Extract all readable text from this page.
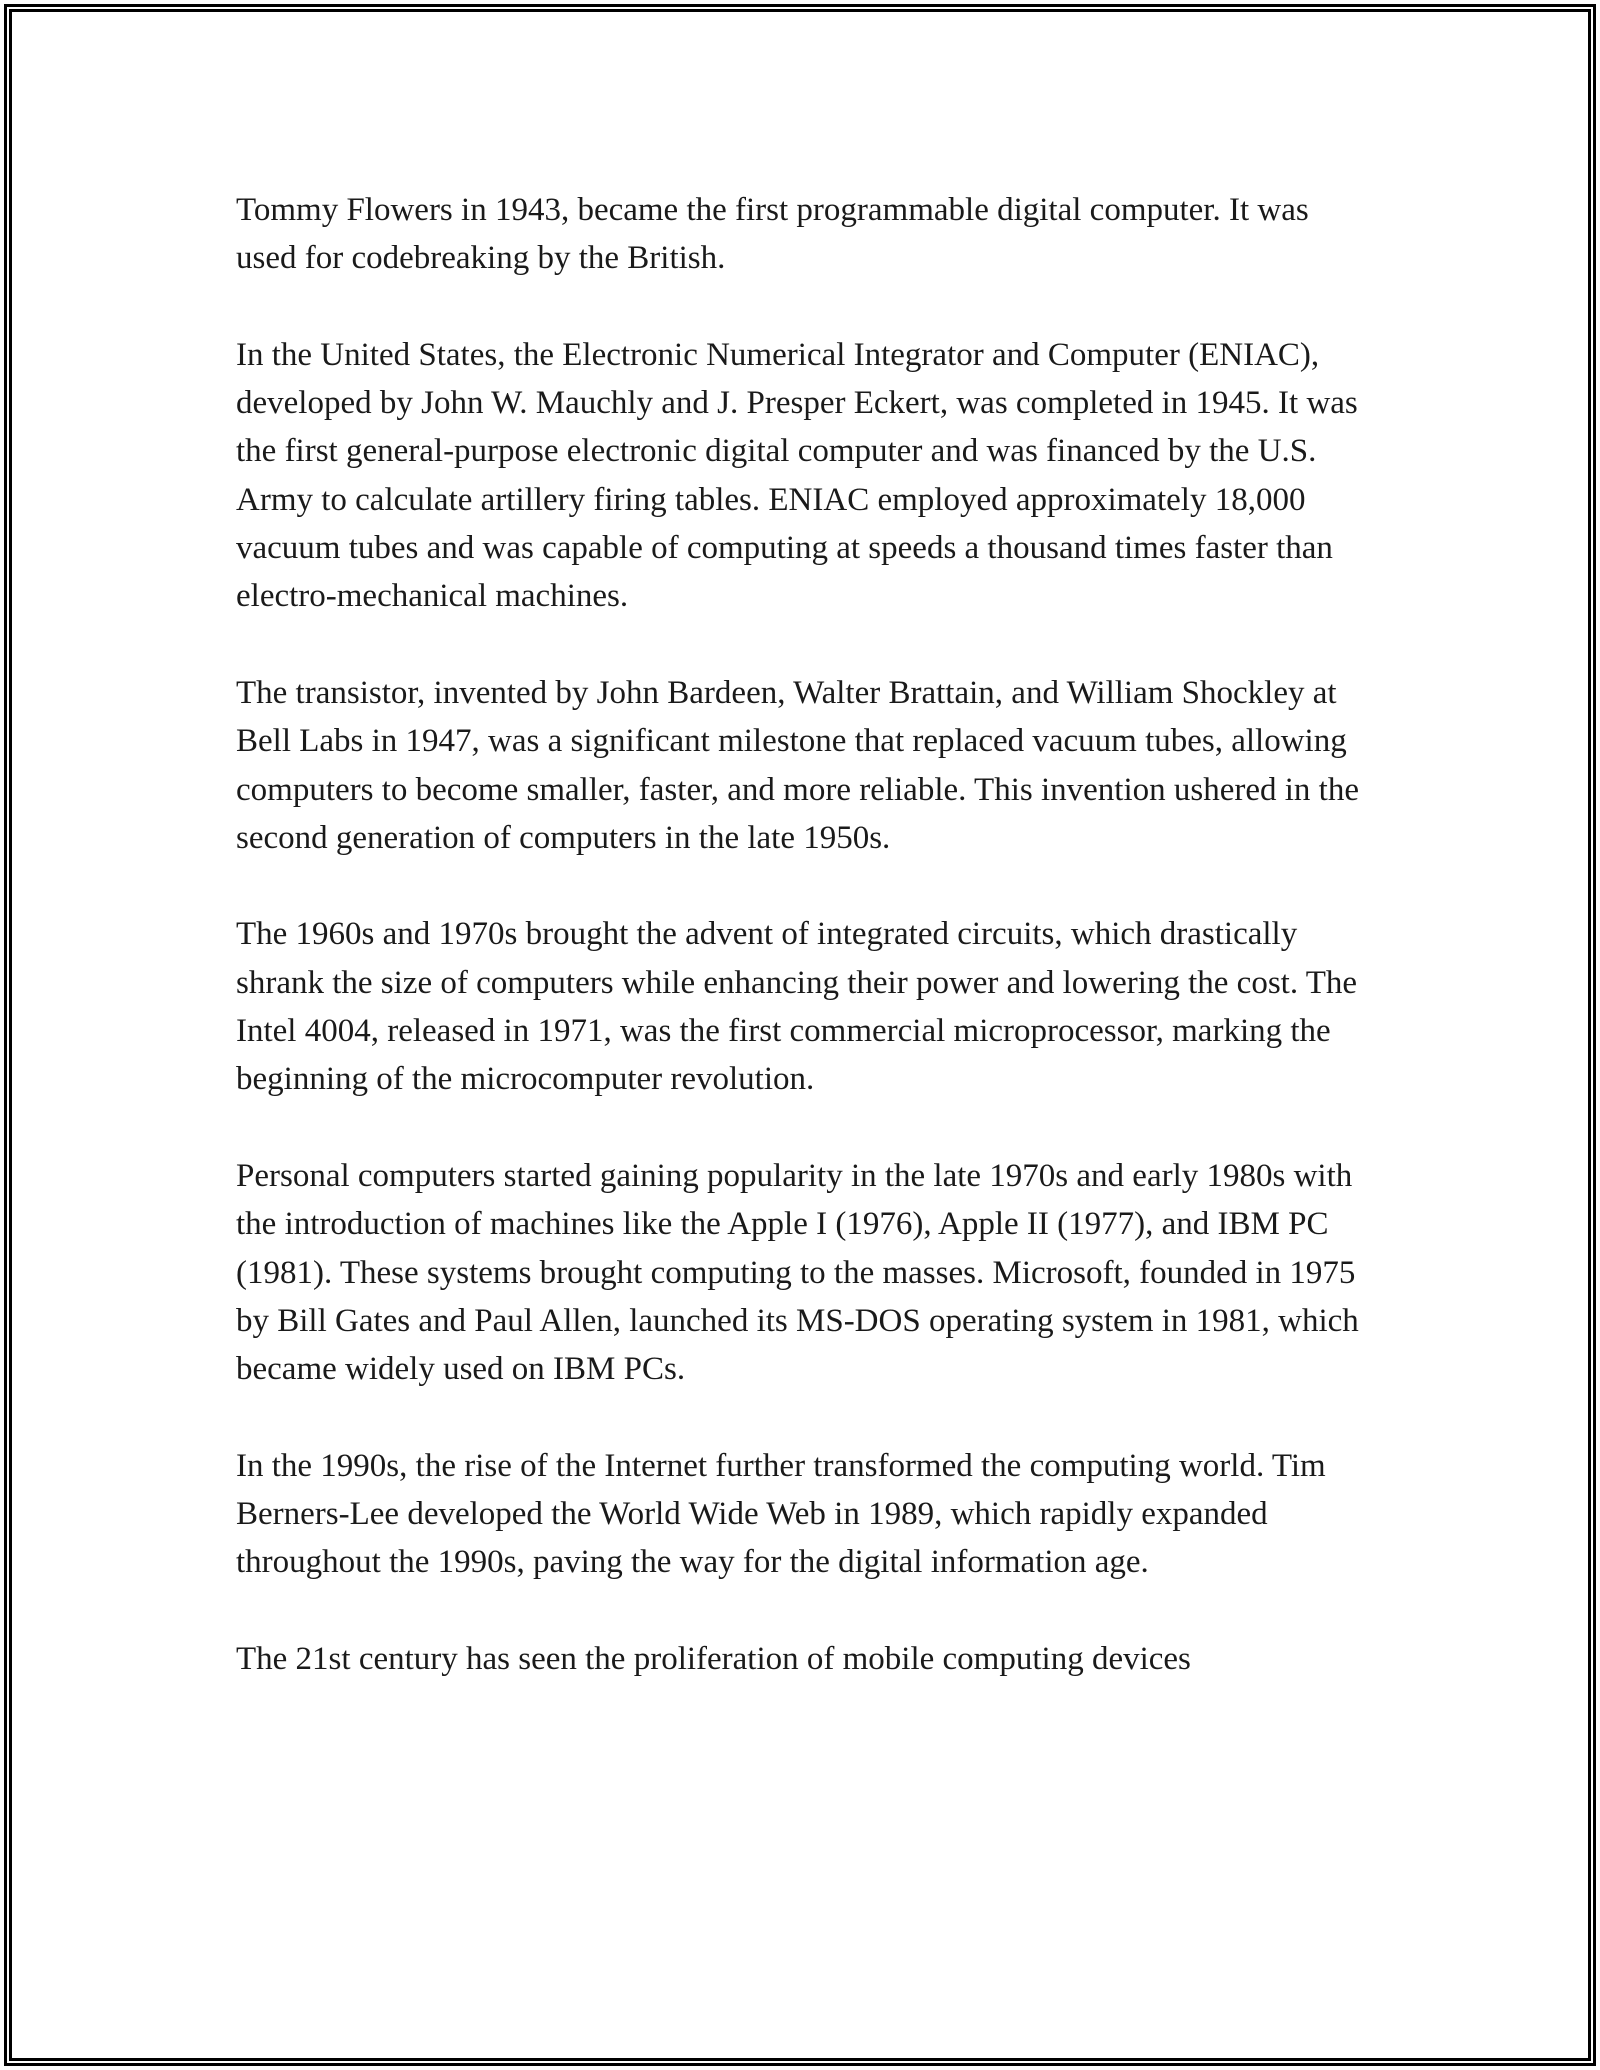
Tommy Flowers in 1943, became the first programmable digital computer. It was used for codebreaking by the British.

In the United States, the Electronic Numerical Integrator and Computer (ENIAC), developed by John W. Mauchly and J. Presper Eckert, was completed in 1945. It was the first general-purpose electronic digital computer and was financed by the U.S. Army to calculate artillery firing tables. ENIAC employed approximately 18,000 vacuum tubes and was capable of computing at speeds a thousand times faster than electro-mechanical machines.

The transistor, invented by John Bardeen, Walter Brattain, and William Shockley at Bell Labs in 1947, was a significant milestone that replaced vacuum tubes, allowing computers to become smaller, faster, and more reliable. This invention ushered in the second generation of computers in the late 1950s.

The 1960s and 1970s brought the advent of integrated circuits, which drastically shrank the size of computers while enhancing their power and lowering the cost. The Intel 4004, released in 1971, was the first commercial microprocessor, marking the beginning of the microcomputer revolution.

Personal computers started gaining popularity in the late 1970s and early 1980s with the introduction of machines like the Apple I (1976), Apple II (1977), and IBM PC (1981). These systems brought computing to the masses. Microsoft, founded in 1975 by Bill Gates and Paul Allen, launched its MS-DOS operating system in 1981, which became widely used on IBM PCs.

In the 1990s, the rise of the Internet further transformed the computing world. Tim Berners-Lee developed the World Wide Web in 1989, which rapidly expanded throughout the 1990s, paving the way for the digital information age.

The 21st century has seen the proliferation of mobile computing devices
